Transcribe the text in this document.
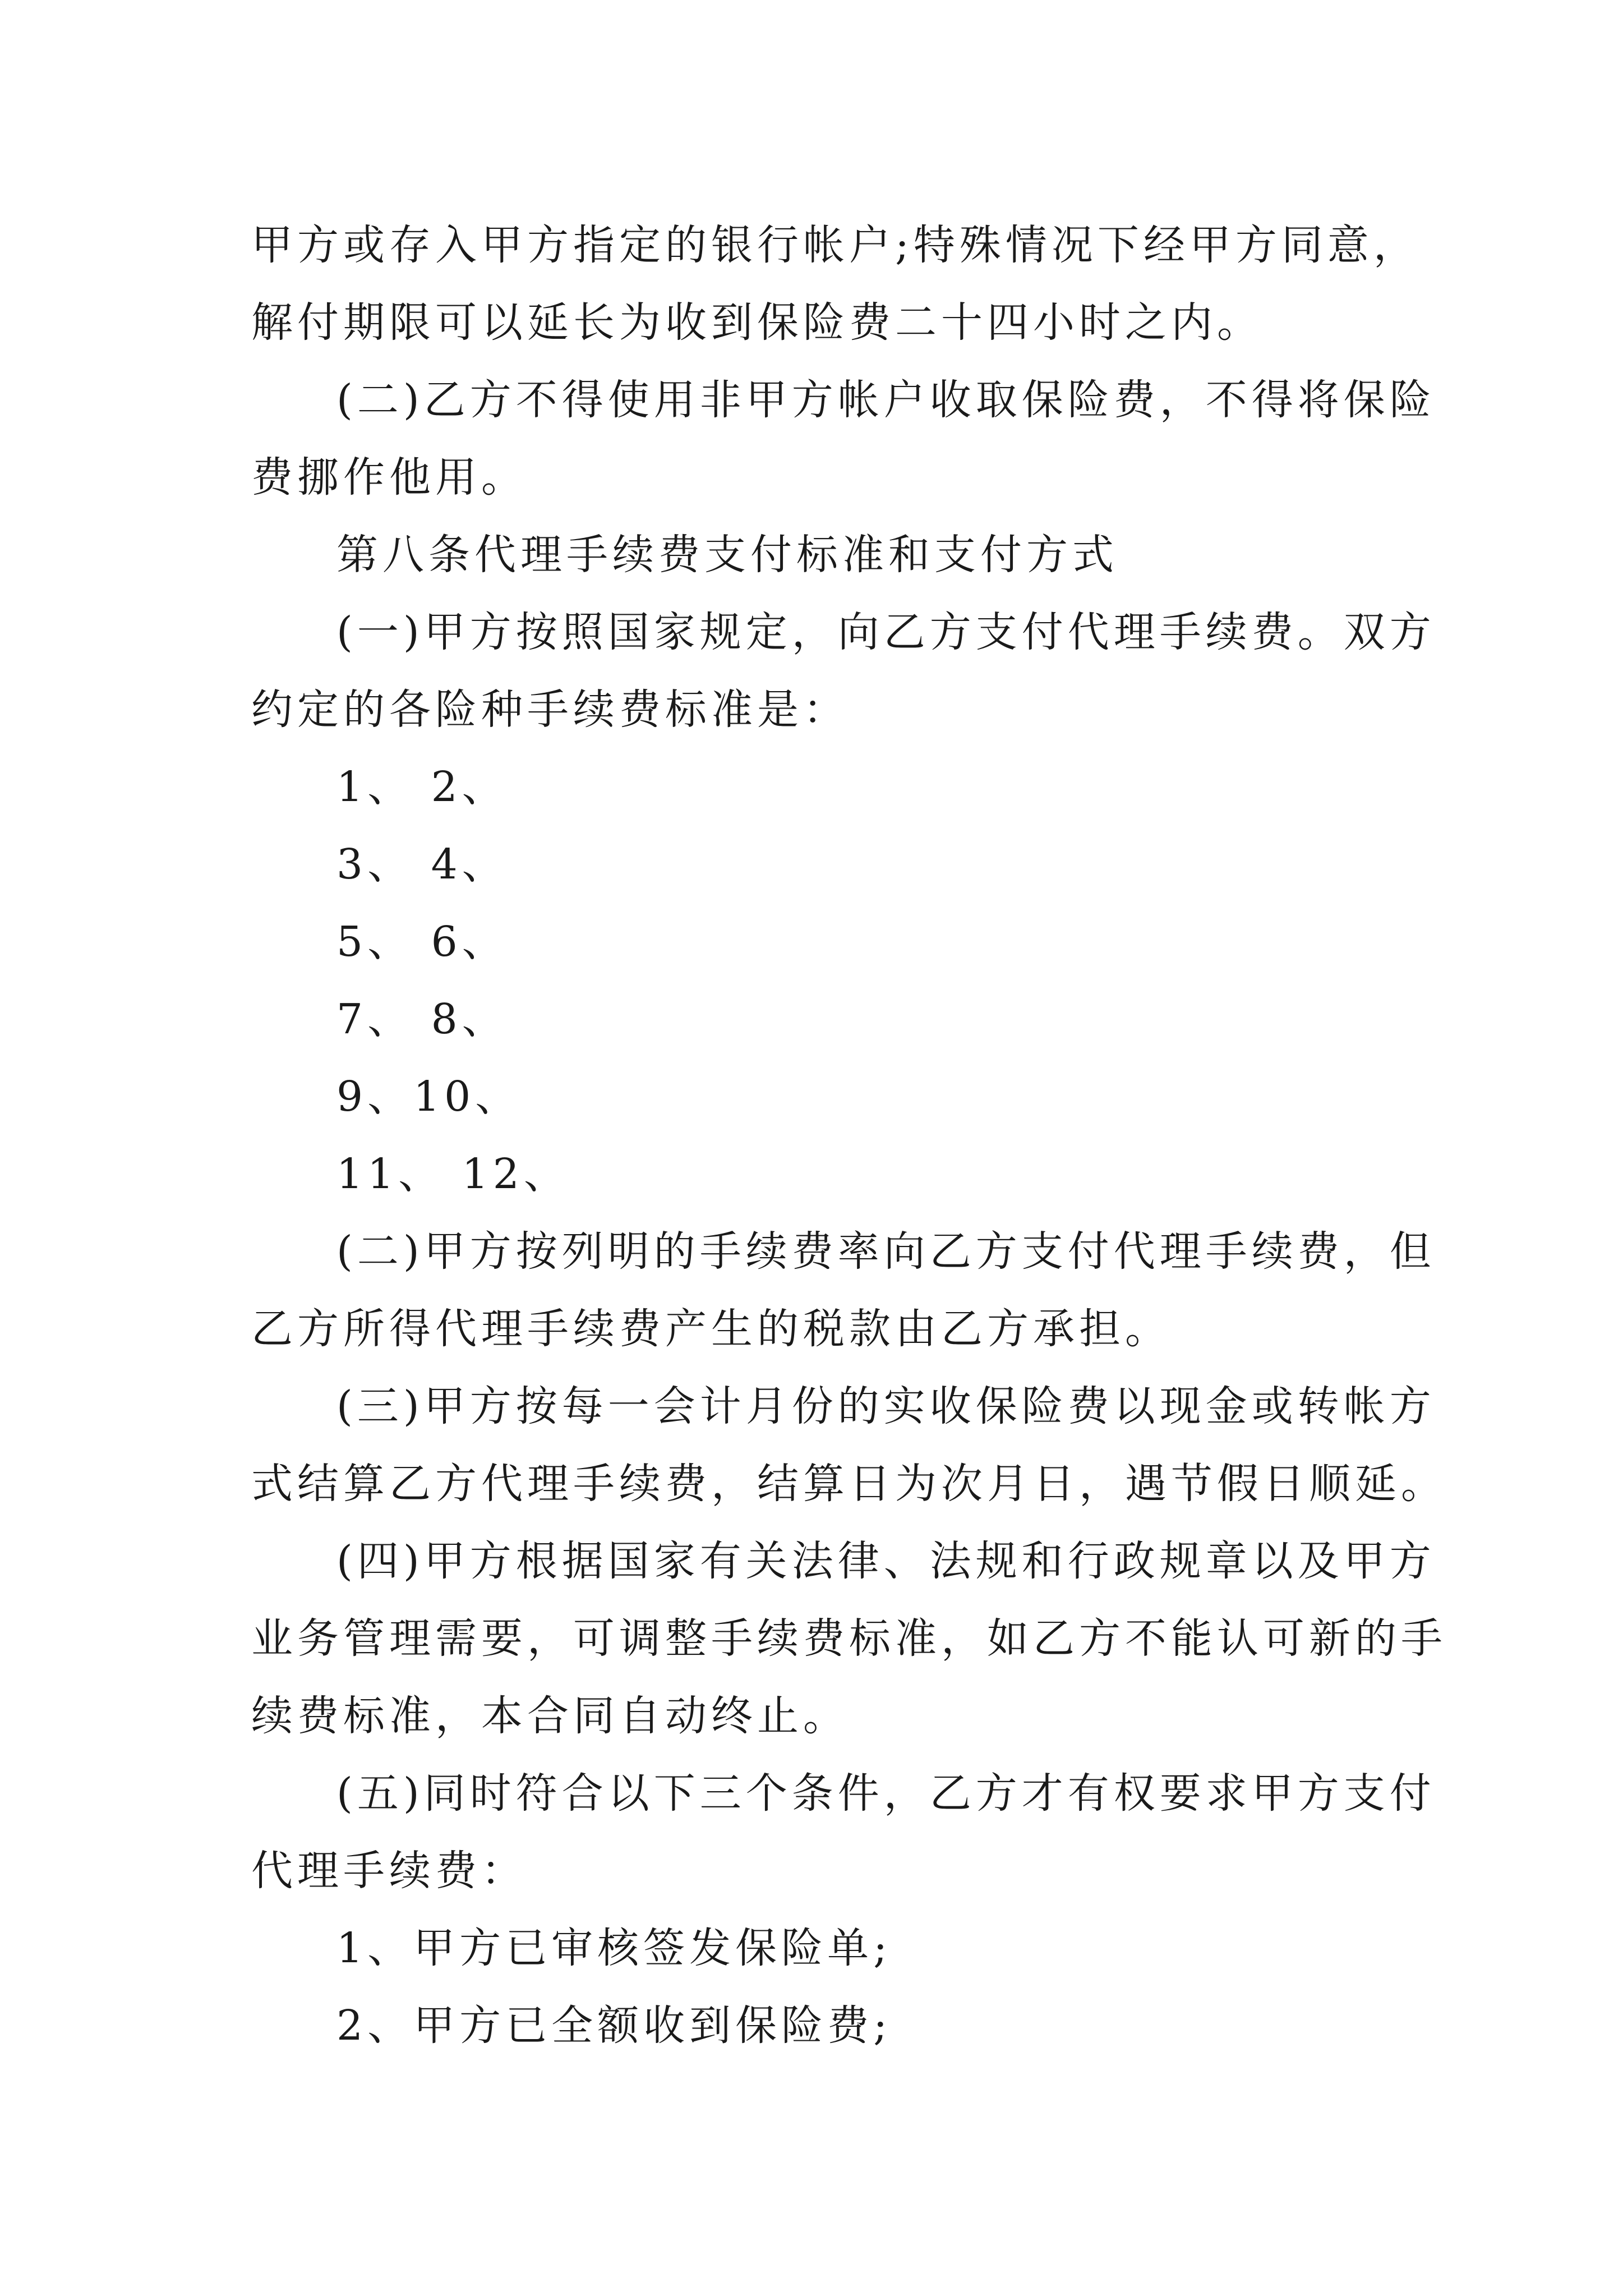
甲方或存入甲方指定的银行帐户;特殊情况下经甲方同意，
解付期限可以延长为收到保险费二十四小时之内。
(二)乙方不得使用非甲方帐户收取保险费，不得将保险
费挪作他用。
第八条代理手续费支付标准和支付方式
(一)甲方按照国家规定，向乙方支付代理手续费。双方
约定的各险种手续费标准是：
1、 2、
3、 4、
5、 6、
7、 8、
9、10、
11、 12、
(二)甲方按列明的手续费率向乙方支付代理手续费，但
乙方所得代理手续费产生的税款由乙方承担。
(三)甲方按每一会计月份的实收保险费以现金或转帐方
式结算乙方代理手续费，结算日为次月日，遇节假日顺延。
(四)甲方根据国家有关法律、法规和行政规章以及甲方
业务管理需要，可调整手续费标准，如乙方不能认可新的手
续费标准，本合同自动终止。
(五)同时符合以下三个条件，乙方才有权要求甲方支付
代理手续费：
1、甲方已审核签发保险单;
2、甲方已全额收到保险费;
